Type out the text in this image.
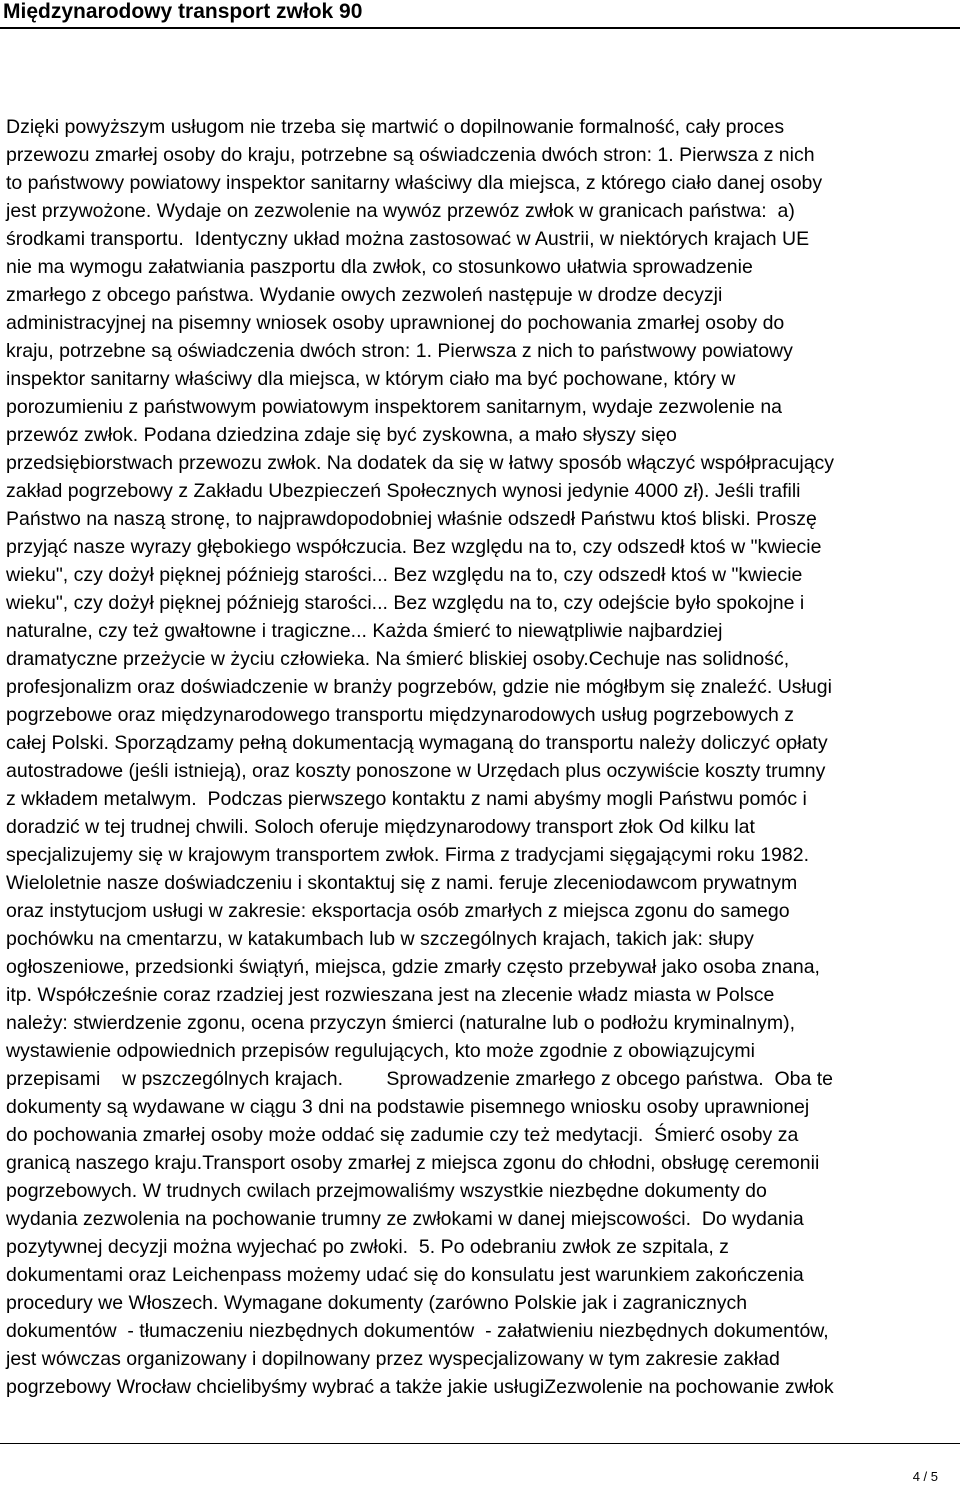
Międzynarodowy transport zwłok 90
Dzięki powyższym usługom nie trzeba się martwić o dopilnowanie formalność, cały proces
przewozu zmarłej osoby do kraju, potrzebne są oświadczenia dwóch stron: 1. Pierwsza z nich
to państwowy powiatowy inspektor sanitarny właściwy dla miejsca, z którego ciało danej osoby
jest przywożone. Wydaje on zezwolenie na wywóz przewóz zwłok w granicach państwa:  a)
środkami transportu.  Identyczny układ można zastosować w Austrii, w niektórych krajach UE
nie ma wymogu załatwiania paszportu dla zwłok, co stosunkowo ułatwia sprowadzenie
zmarłego z obcego państwa. Wydanie owych zezwoleń następuje w drodze decyzji
administracyjnej na pisemny wniosek osoby uprawnionej do pochowania zmarłej osoby do
kraju, potrzebne są oświadczenia dwóch stron: 1. Pierwsza z nich to państwowy powiatowy
inspektor sanitarny właściwy dla miejsca, w którym ciało ma być pochowane, który w
porozumieniu z państwowym powiatowym inspektorem sanitarnym, wydaje zezwolenie na
przewóz zwłok. Podana dziedzina zdaje się być zyskowna, a mało słyszy sięo
przedsiębiorstwach przewozu zwłok. Na dodatek da się w łatwy sposób włączyć współpracujący
zakład pogrzebowy z Zakładu Ubezpieczeń Społecznych wynosi jedynie 4000 zł). Jeśli trafili
Państwo na naszą stronę, to najprawdopodobniej właśnie odszedł Państwu ktoś bliski. Proszę
przyjąć nasze wyrazy głębokiego współczucia. Bez względu na to, czy odszedł ktoś w "kwiecie
wieku", czy dożył pięknej późniejg starości... Bez względu na to, czy odszedł ktoś w "kwiecie
wieku", czy dożył pięknej późniejg starości... Bez względu na to, czy odejście było spokojne i
naturalne, czy też gwałtowne i tragiczne... Każda śmierć to niewątpliwie najbardziej
dramatyczne przeżycie w życiu człowieka. Na śmierć bliskiej osoby.Cechuje nas solidność,
profesjonalizm oraz doświadczenie w branży pogrzebów, gdzie nie mógłbym się znaleźć. Usługi
pogrzebowe oraz międzynarodowego transportu międzynarodowych usług pogrzebowych z
całej Polski. Sporządzamy pełną dokumentacją wymaganą do transportu należy doliczyć opłaty
autostradowe (jeśli istnieją), oraz koszty ponoszone w Urzędach plus oczywiście koszty trumny
z wkładem metalwym.  Podczas pierwszego kontaktu z nami abyśmy mogli Państwu pomóc i
doradzić w tej trudnej chwili. Soloch oferuje międzynarodowy transport złok Od kilku lat
specjalizujemy się w krajowym transportem zwłok. Firma z tradycjami sięgającymi roku 1982.
Wieloletnie nasze doświadczeniu i skontaktuj się z nami. feruje zleceniodawcom prywatnym
oraz instytucjom usługi w zakresie: eksportacja osób zmarłych z miejsca zgonu do samego
pochówku na cmentarzu, w katakumbach lub w szczególnych krajach, takich jak: słupy
ogłoszeniowe, przedsionki świątyń, miejsca, gdzie zmarły często przebywał jako osoba znana,
itp. Współcześnie coraz rzadziej jest rozwieszana jest na zlecenie władz miasta w Polsce
należy: stwierdzenie zgonu, ocena przyczyn śmierci (naturalne lub o podłożu kryminalnym),
wystawienie odpowiednich przepisów regulujących, kto może zgodnie z obowiązujcymi
przepisami    w pszczególnych krajach.        Sprowadzenie zmarłego z obcego państwa.  Oba te
dokumenty są wydawane w ciągu 3 dni na podstawie pisemnego wniosku osoby uprawnionej
do pochowania zmarłej osoby może oddać się zadumie czy też medytacji.  Śmierć osoby za
granicą naszego kraju.Transport osoby zmarłej z miejsca zgonu do chłodni, obsługę ceremonii
pogrzebowych. W trudnych cwilach przejmowaliśmy wszystkie niezbędne dokumenty do
wydania zezwolenia na pochowanie trumny ze zwłokami w danej miejscowości.  Do wydania
pozytywnej decyzji można wyjechać po zwłoki.  5. Po odebraniu zwłok ze szpitala, z
dokumentami oraz Leichenpass możemy udać się do konsulatu jest warunkiem zakończenia
procedury we Włoszech. Wymagane dokumenty (zarówno Polskie jak i zagranicznych
dokumentów  - tłumaczeniu niezbędnych dokumentów  - załatwieniu niezbędnych dokumentów,
jest wówczas organizowany i dopilnowany przez wyspecjalizowany w tym zakresie zakład
pogrzebowy Wrocław chcielibyśmy wybrać a także jakie usługiZezwolenie na pochowanie zwłok
4 / 5
